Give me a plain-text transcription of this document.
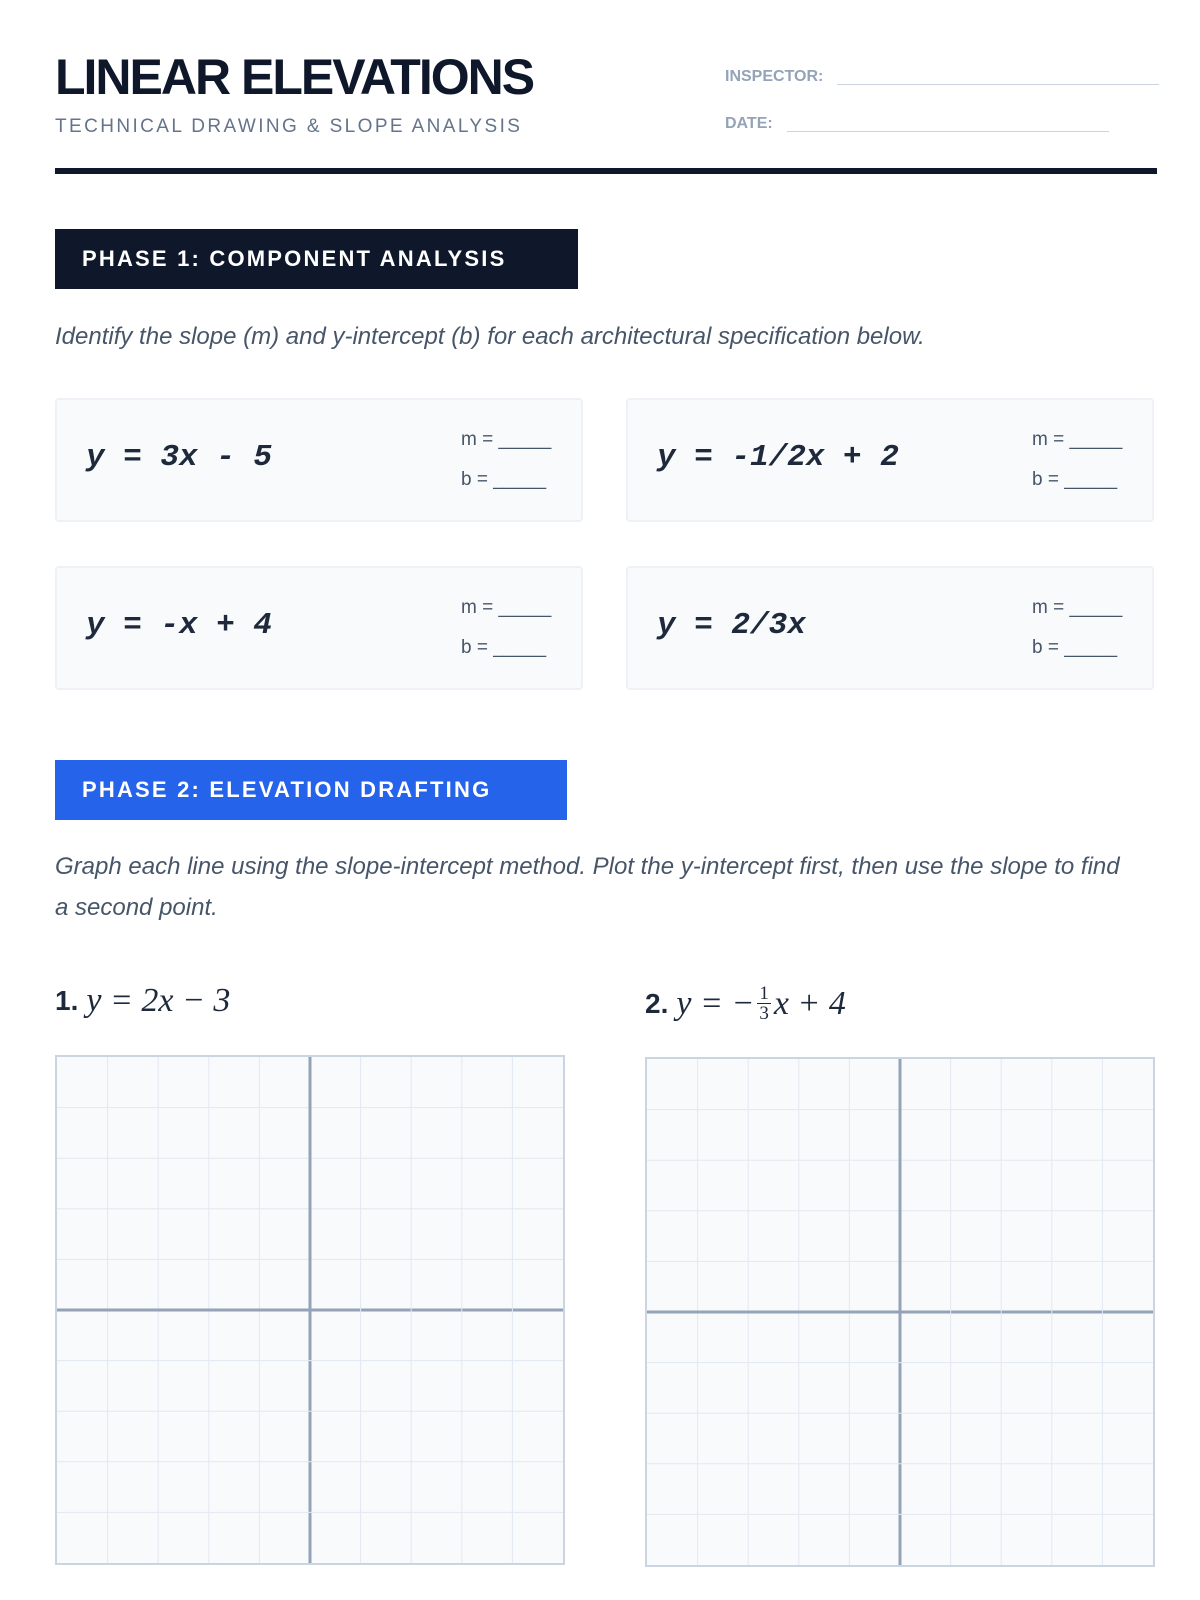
LINEAR ELEVATIONS
TECHNICAL DRAWING & SLOPE ANALYSIS
INSPECTOR:
DATE:
PHASE 1: COMPONENT ANALYSIS
Identify the slope (m) and y-intercept (b) for each architectural specification below.
y = 3x - 5
m = _____
b = _____
y = -1/2x + 2
m = _____
b = _____
y = -x + 4
m = _____
b = _____
y = 2/3x
m = _____
b = _____
PHASE 2: ELEVATION DRAFTING
Graph each line using the slope-intercept method. Plot the y-intercept first, then use the slope to find a second point.
1. y = 2x − 3	2. y = − $\frac{1}{3}$ x + 4
